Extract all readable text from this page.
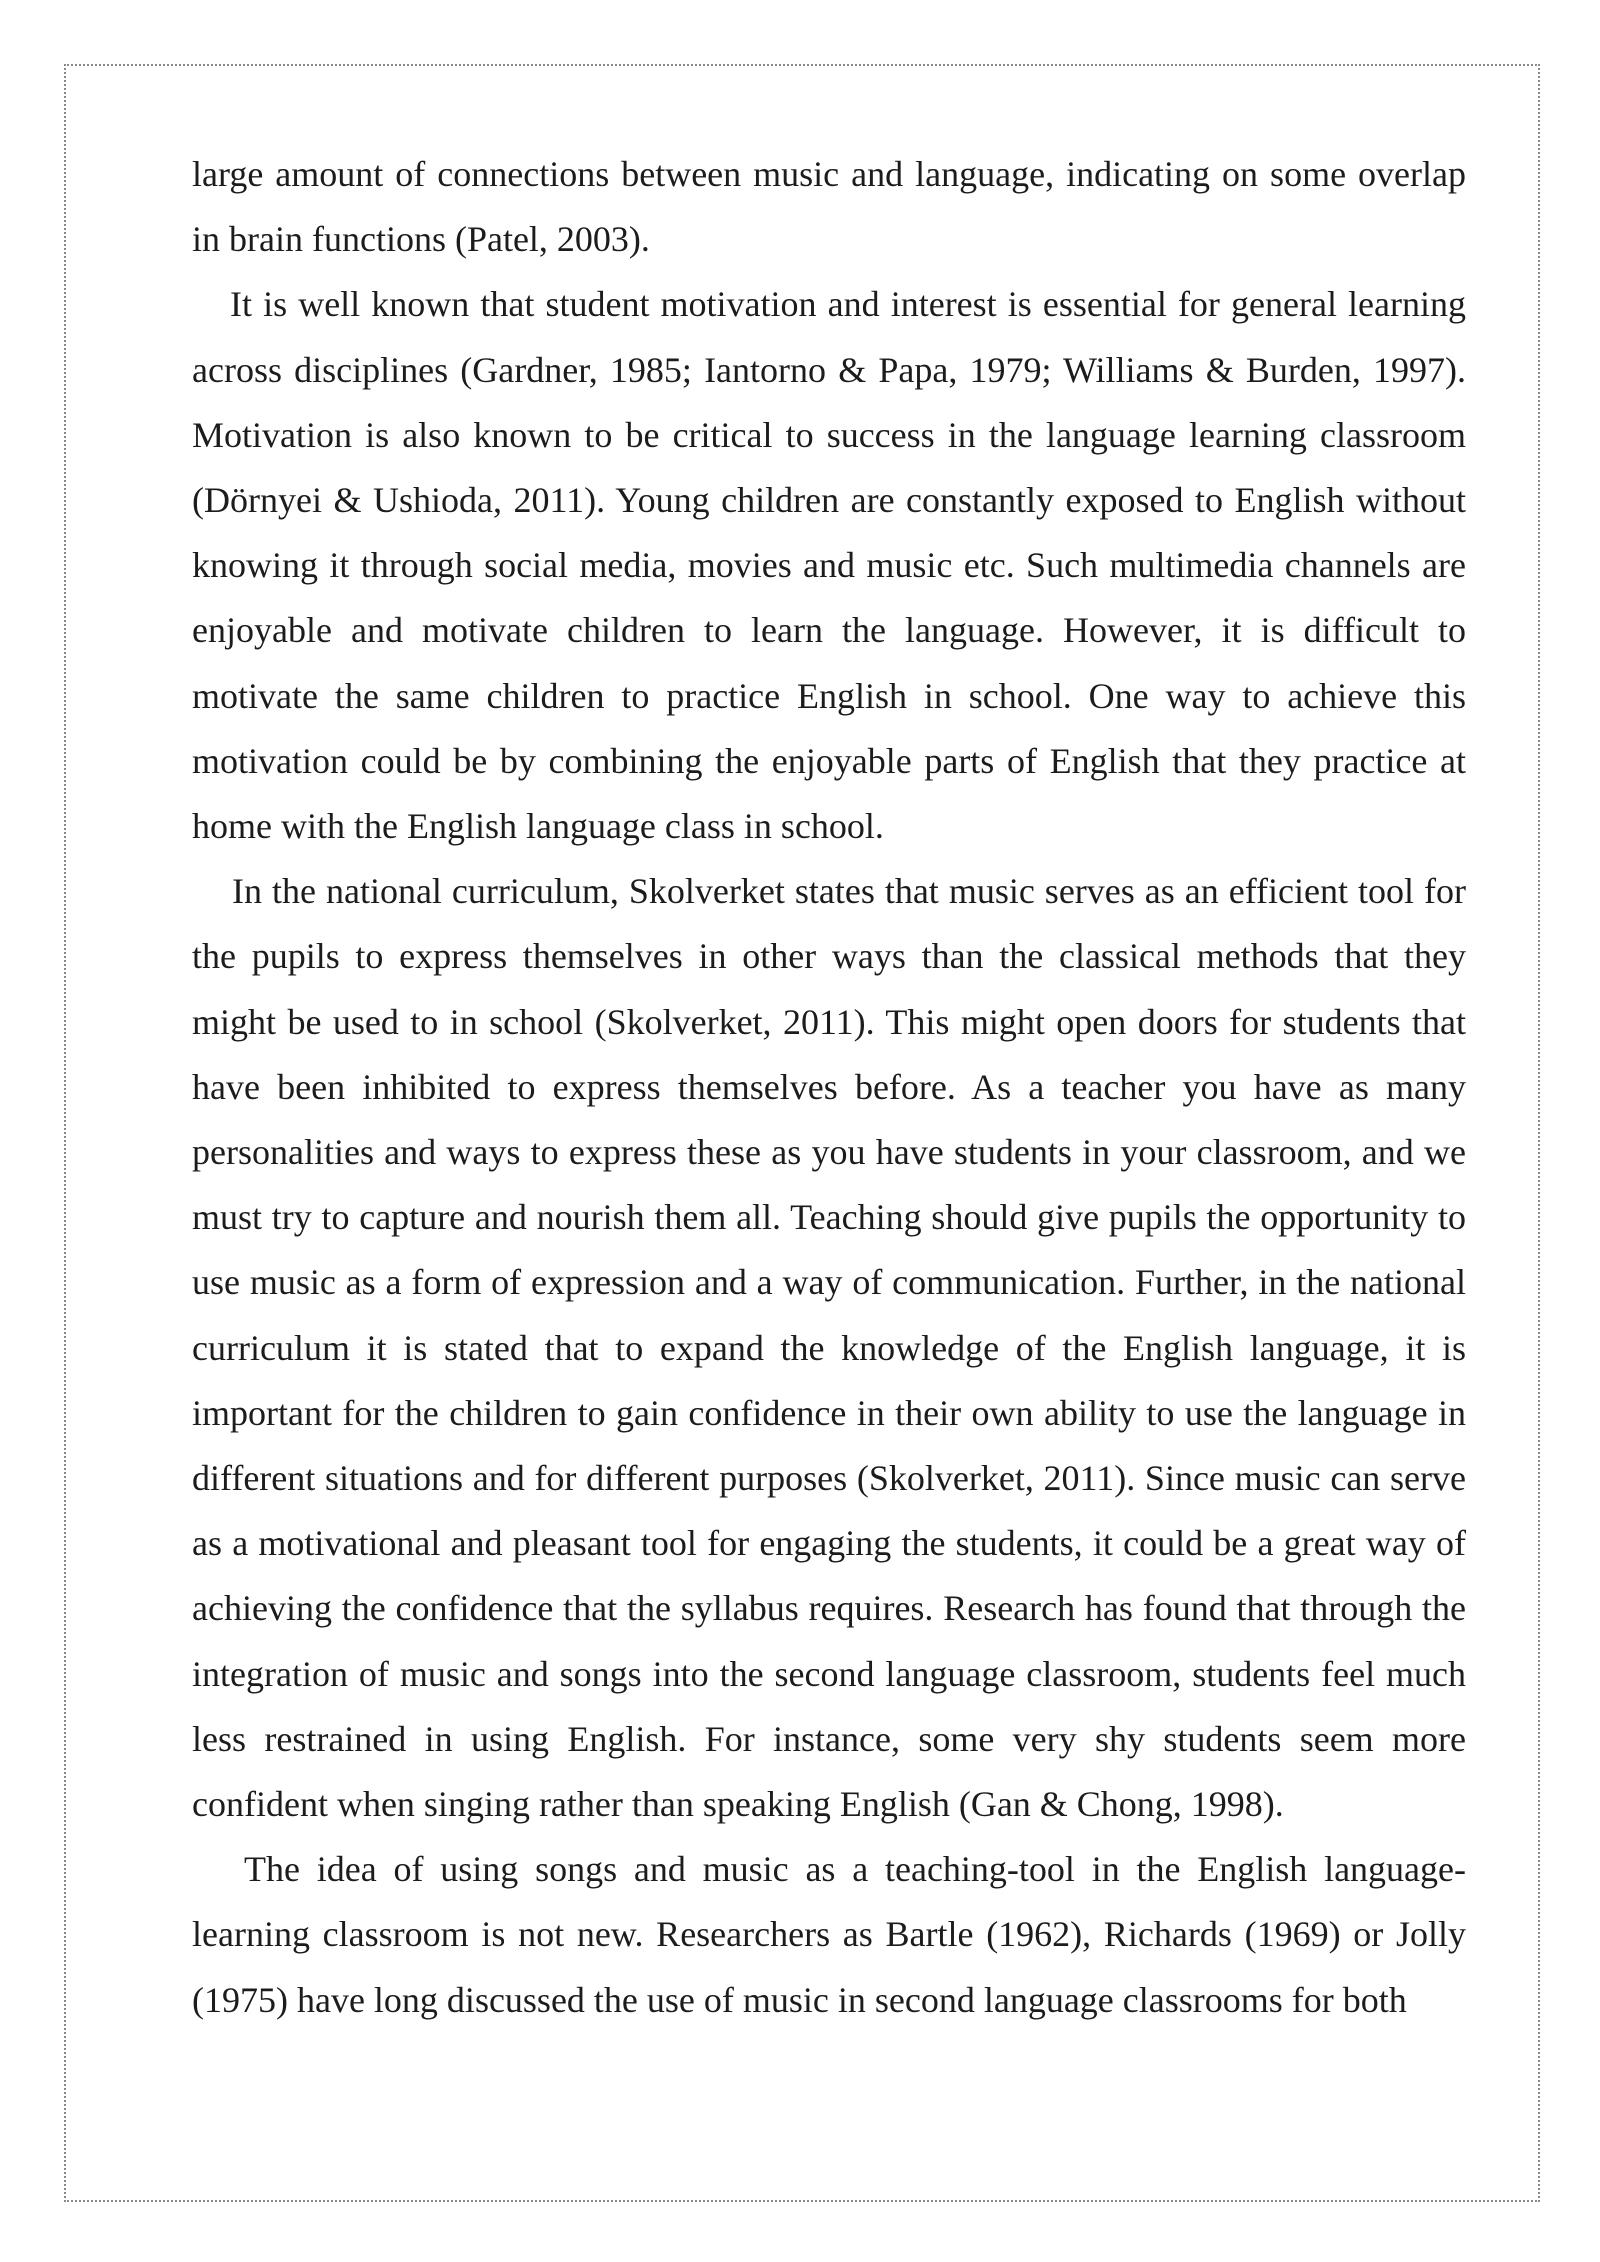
large amount of connections between music and language, indicating on some overlap in brain functions (Patel, 2003).

It is well known that student motivation and interest is essential for general learning across disciplines (Gardner, 1985; Iantorno & Papa, 1979; Williams & Burden, 1997). Motivation is also known to be critical to success in the language learning classroom (Dörnyei & Ushioda, 2011). Young children are constantly exposed to English without knowing it through social media, movies and music etc. Such multimedia channels are enjoyable and motivate children to learn the language. However, it is difficult to motivate the same children to practice English in school. One way to achieve this motivation could be by combining the enjoyable parts of English that they practice at home with the English language class in school.

In the national curriculum, Skolverket states that music serves as an efficient tool for the pupils to express themselves in other ways than the classical methods that they might be used to in school (Skolverket, 2011). This might open doors for students that have been inhibited to express themselves before. As a teacher you have as many personalities and ways to express these as you have students in your classroom, and we must try to capture and nourish them all. Teaching should give pupils the opportunity to use music as a form of expression and a way of communication. Further, in the national curriculum it is stated that to expand the knowledge of the English language, it is important for the children to gain confidence in their own ability to use the language in different situations and for different purposes (Skolverket, 2011). Since music can serve as a motivational and pleasant tool for engaging the students, it could be a great way of achieving the confidence that the syllabus requires. Research has found that through the integration of music and songs into the second language classroom, students feel much less restrained in using English. For instance, some very shy students seem more confident when singing rather than speaking English (Gan & Chong, 1998).

The idea of using songs and music as a teaching-tool in the English language-learning classroom is not new. Researchers as Bartle (1962), Richards (1969) or Jolly (1975) have long discussed the use of music in second language classrooms for both
